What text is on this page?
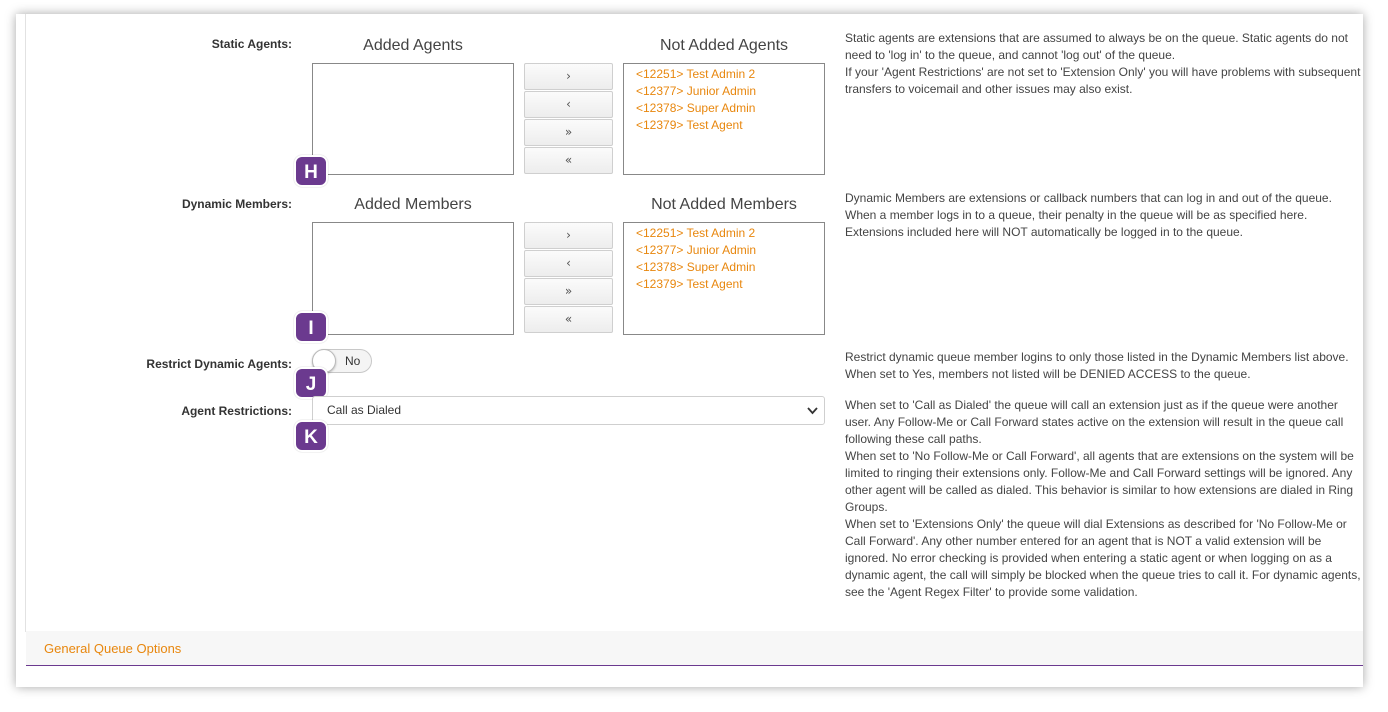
Static Agents:	Added Agents	Not Added Agents
›
‹
»
«
<12251> Test Admin 2
<12377> Junior Admin
<12378> Super Admin
<12379> Test Agent
H

Static agents are extensions that are assumed to always be on the queue. Static agents do not need to 'log in' to the queue, and cannot 'log out' of the queue.

If your 'Agent Restrictions' are not set to 'Extension Only' you will have problems with subsequent transfers to voicemail and other issues may also exist.

Dynamic Members:	Added Members	Not Added Members
›
‹
»
«
<12251> Test Admin 2
<12377> Junior Admin
<12378> Super Admin
<12379> Test Agent
I

Dynamic Members are extensions or callback numbers that can log in and out of the queue. When a member logs in to a queue, their penalty in the queue will be as specified here. Extensions included here will NOT automatically be logged in to the queue.

Restrict Dynamic Agents:	No
J

Restrict dynamic queue member logins to only those listed in the Dynamic Members list above. When set to Yes, members not listed will be DENIED ACCESS to the queue.

Agent Restrictions:	Call as Dialed
K

When set to 'Call as Dialed' the queue will call an extension just as if the queue were another user. Any Follow-Me or Call Forward states active on the extension will result in the queue call following these call paths.

When set to 'No Follow-Me or Call Forward', all agents that are extensions on the system will be limited to ringing their extensions only. Follow-Me and Call Forward settings will be ignored. Any other agent will be called as dialed. This behavior is similar to how extensions are dialed in Ring Groups.

When set to 'Extensions Only' the queue will dial Extensions as described for 'No Follow-Me or Call Forward'. Any other number entered for an agent that is NOT a valid extension will be ignored. No error checking is provided when entering a static agent or when logging on as a dynamic agent, the call will simply be blocked when the queue tries to call it. For dynamic agents, see the 'Agent Regex Filter' to provide some validation.

General Queue Options
